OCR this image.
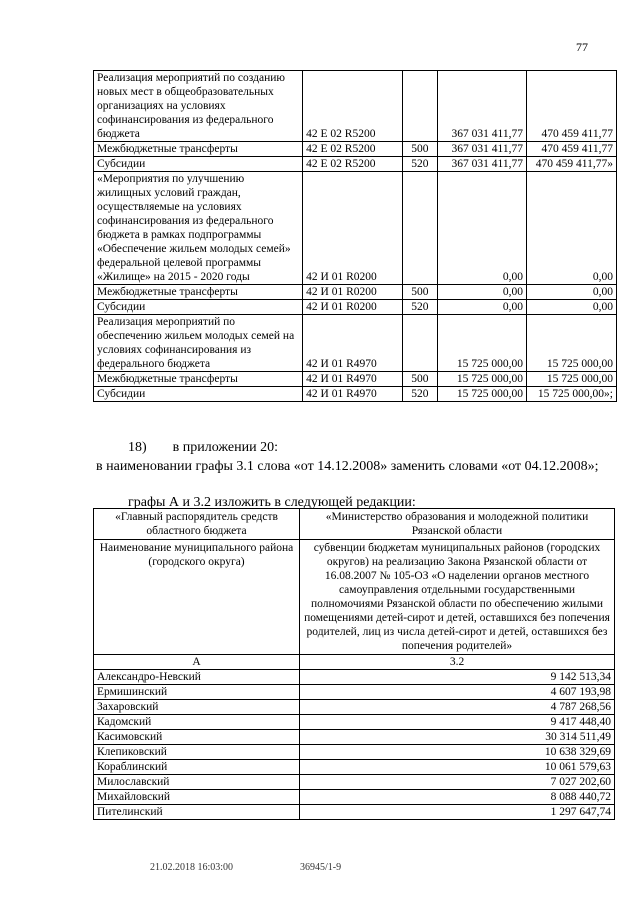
77
Реализация мероприятий по созданию новых мест в общеобразовательных организациях на условиях софинансирования из федерального бюджета	42 Е 02 R5200		367 031 411,77	470 459 411,77
Межбюджетные трансферты	42 Е 02 R5200	500	367 031 411,77	470 459 411,77
Субсидии	42 Е 02 R5200	520	367 031 411,77	470 459 411,77»
«Мероприятия по улучшению жилищных условий граждан, осуществляемые на условиях софинансирования из федерального бюджета в рамках подпрограммы «Обеспечение жильем молодых семей» федеральной целевой программы «Жилище» на 2015 - 2020 годы	42 И 01 R0200		0,00	0,00
Межбюджетные трансферты	42 И 01 R0200	500	0,00	0,00
Субсидии	42 И 01 R0200	520	0,00	0,00
Реализация мероприятий по обеспечению жильем молодых семей на условиях софинансирования из федерального бюджета	42 И 01 R4970		15 725 000,00	15 725 000,00
Межбюджетные трансферты	42 И 01 R4970	500	15 725 000,00	15 725 000,00
Субсидии	42 И 01 R4970	520	15 725 000,00	15 725 000,00»;
18) в приложении 20:
в наименовании графы 3.1 слова «от 14.12.2008» заменить словами «от 04.12.2008»;
графы А и 3.2 изложить в следующей редакции:
«Главный распорядитель средств областного бюджета	«Министерство образования и молодежной политики Рязанской области
Наименование муниципального района (городского округа)	субвенции бюджетам муниципальных районов (городских округов) на реализацию Закона Рязанской области от 16.08.2007 № 105-ОЗ «О наделении органов местного самоуправления отдельными государственными полномочиями Рязанской области по обеспечению жилыми помещениями детей-сирот и детей, оставшихся без попечения родителей, лиц из числа детей-сирот и детей, оставшихся без попечения родителей»
А	3.2
Александро-Невский	9 142 513,34
Ермишинский	4 607 193,98
Захаровский	4 787 268,56
Кадомский	9 417 448,40
Касимовский	30 314 511,49
Клепиковский	10 638 329,69
Кораблинский	10 061 579,63
Милославский	7 027 202,60
Михайловский	8 088 440,72
Пителинский	1 297 647,74
21.02.2018 16:03:00	36945/1-9
